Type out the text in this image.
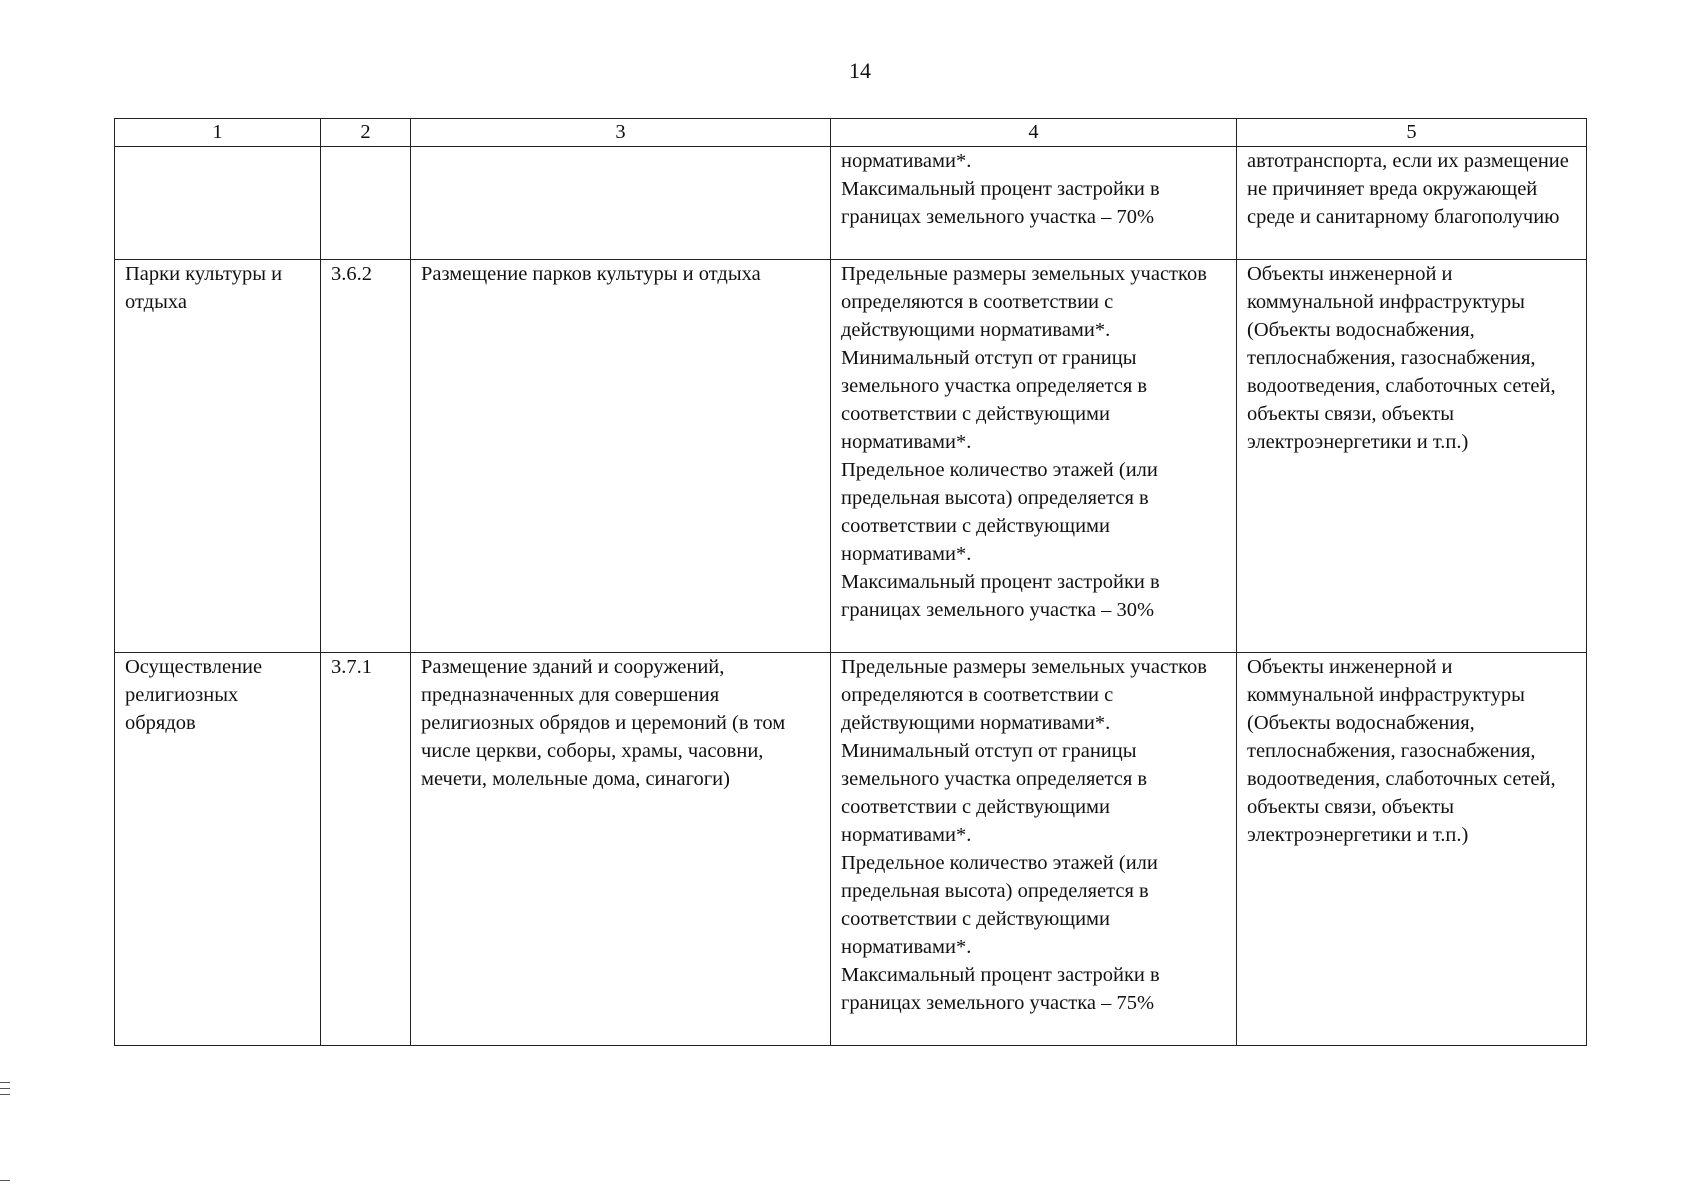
14
1	2	3	4	5
			нормативами*.
Максимальный процент застройки в границах земельного участка – 70%	автотранспорта, если их размещение не причиняет вреда окружающей среде и санитарному благополучию
Парки культуры и отдыха	3.6.2	Размещение парков культуры и отдыха	Предельные размеры земельных участков определяются в соответствии с действующими нормативами*.
Минимальный отступ от границы земельного участка определяется в соответствии с действующими нормативами*.
Предельное количество этажей (или предельная высота) определяется в соответствии с действующими нормативами*.
Максимальный процент застройки в границах земельного участка – 30%	Объекты инженерной и коммунальной инфраструктуры (Объекты водоснабжения, теплоснабжения, газоснабжения, водоотведения, слаботочных сетей, объекты связи, объекты электроэнергетики и т.п.)
Осуществление религиозных обрядов	3.7.1	Размещение зданий и сооружений, предназначенных для совершения религиозных обрядов и церемоний (в том числе церкви, соборы, храмы, часовни, мечети, молельные дома, синагоги)	Предельные размеры земельных участков определяются в соответствии с действующими нормативами*.
Минимальный отступ от границы земельного участка определяется в соответствии с действующими нормативами*.
Предельное количество этажей (или предельная высота) определяется в соответствии с действующими нормативами*.
Максимальный процент застройки в границах земельного участка – 75%	Объекты инженерной и коммунальной инфраструктуры (Объекты водоснабжения, теплоснабжения, газоснабжения, водоотведения, слаботочных сетей, объекты связи, объекты электроэнергетики и т.п.)
